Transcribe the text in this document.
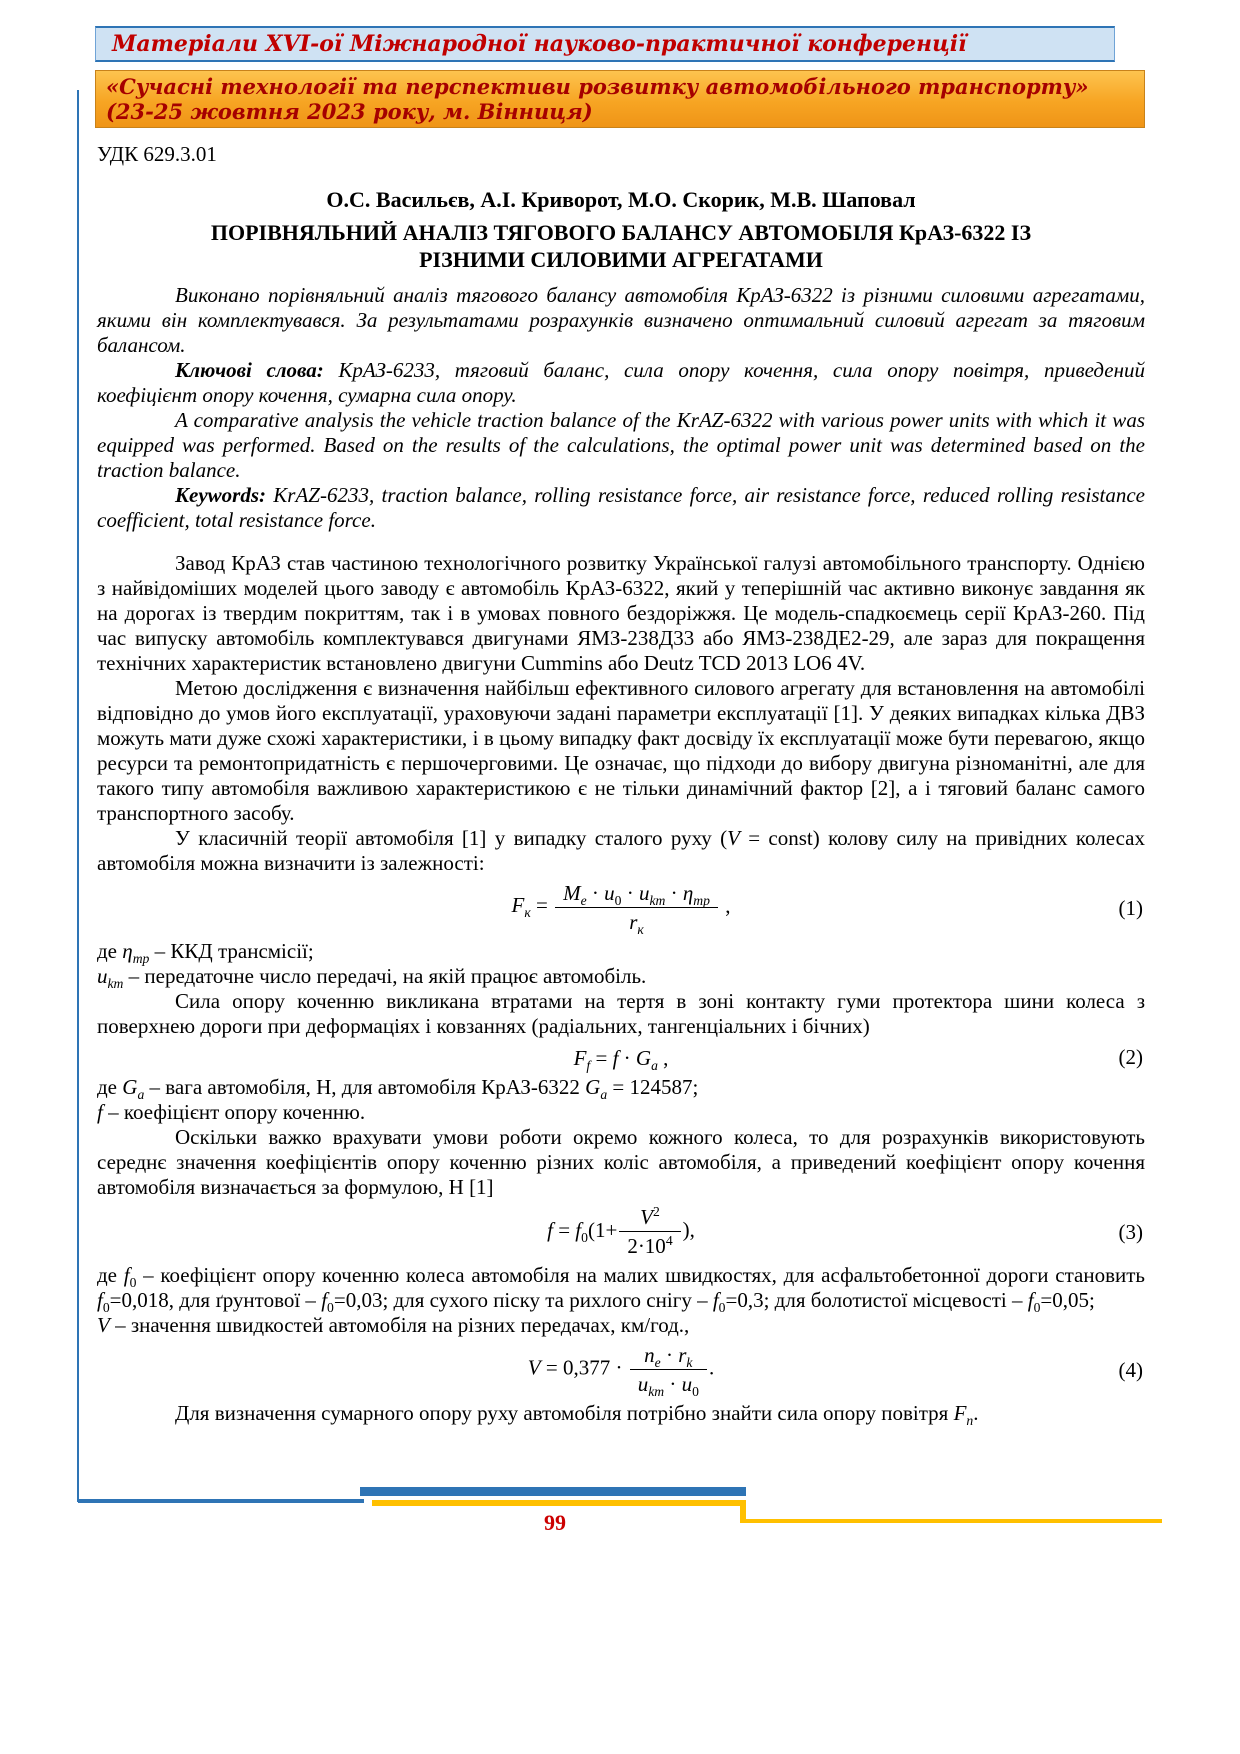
Матеріали XVI-ої Міжнародної науково-практичної конференції
«Сучасні технології та перспективи розвитку автомобільного транспорту» (23-25 жовтня 2023 року, м. Вінниця)

УДК 629.3.01

О.С. Васильєв, А.І. Криворот, М.О. Скорик, М.В. Шаповал

ПОРІВНЯЛЬНИЙ АНАЛІЗ ТЯГОВОГО БАЛАНСУ АВТОМОБІЛЯ КрАЗ-6322 ІЗ РІЗНИМИ СИЛОВИМИ АГРЕГАТАМИ

Виконано порівняльний аналіз тягового балансу автомобіля КрАЗ-6322 із різними силовими агрегатами, якими він комплектувався. За результатами розрахунків визначено оптимальний силовий агрегат за тяговим балансом.

Ключові слова: КрАЗ-6233, тяговий баланс, сила опору кочення, сила опору повітря, приведений коефіцієнт опору кочення, сумарна сила опору.

A comparative analysis the vehicle traction balance of the KrAZ-6322 with various power units with which it was equipped was performed. Based on the results of the calculations, the optimal power unit was determined based on the traction balance.

Keywords: KrAZ-6233, traction balance, rolling resistance force, air resistance force, reduced rolling resistance coefficient, total resistance force.

Завод КрАЗ став частиною технологічного розвитку Української галузі автомобільного транспорту. Однією з найвідоміших моделей цього заводу є автомобіль КрАЗ-6322, який у теперішній час активно виконує завдання як на дорогах із твердим покриттям, так і в умовах повного бездоріжжя. Це модель-спадкоємець серії КрАЗ-260. Під час випуску автомобіль комплектувався двигунами ЯМЗ-238Д33 або ЯМЗ-238ДЕ2-29, але зараз для покращення технічних характеристик встановлено двигуни Cummins або Deutz TCD 2013 LO6 4V.

Метою дослідження є визначення найбільш ефективного силового агрегату для встановлення на автомобілі відповідно до умов його експлуатації, ураховуючи задані параметри експлуатації [1]. У деяких випадках кілька ДВЗ можуть мати дуже схожі характеристики, і в цьому випадку факт досвіду їх експлуатації може бути перевагою, якщо ресурси та ремонтопридатність є першочерговими. Це означає, що підходи до вибору двигуна різноманітні, але для такого типу автомобіля важливою характеристикою є не тільки динамічний фактор [2], а і тяговий баланс самого транспортного засобу.

У класичній теорії автомобіля [1] у випадку сталого руху (V = const) колову силу на привідних колесах автомобіля можна визначити із залежності:

$F_к = \frac{M_e \cdot u_0 \cdot u_{km} \cdot \eta_{тр}}{r_к}$ ,	(1)

де $\eta_{тр}$ – ККД трансмісії;

$u_{km}$ – передаточне число передачі, на якій працює автомобіль.

Сила опору коченню викликана втратами на тертя в зоні контакту гуми протектора шини колеса з поверхнею дороги при деформаціях і ковзаннях (радіальних, тангенціальних і бічних)

$F_f = f \cdot G_a$ ,	(2)

де $G_a$ – вага автомобіля, Н, для автомобіля КрАЗ-6322 $G_a = 124587$;

f – коефіцієнт опору коченню.

Оскільки важко врахувати умови роботи окремо кожного колеса, то для розрахунків використовують середнє значення коефіцієнтів опору коченню різних коліс автомобіля, а приведений коефіцієнт опору кочення автомобіля визначається за формулою, Н [1]

$f = f_0(1+ \frac{V^2}{2\cdot 10^4}$ ),	(3)

де $f_0$ – коефіцієнт опору коченню колеса автомобіля на малих швидкостях, для асфальтобетонної дороги становить $f_0=0,018$, для ґрунтової – $f_0=0,03$; для сухого піску та рихлого снігу – $f_0=0,3$; для болотистої місцевості – $f_0=0,05$;

V – значення швидкостей автомобіля на різних передачах, км/год.,

$V = 0,377 \cdot \frac{n_e \cdot r_k}{u_{km} \cdot u_0}$ .	(4)

Для визначення сумарного опору руху автомобіля потрібно знайти сила опору повітря $F_п$.

99
